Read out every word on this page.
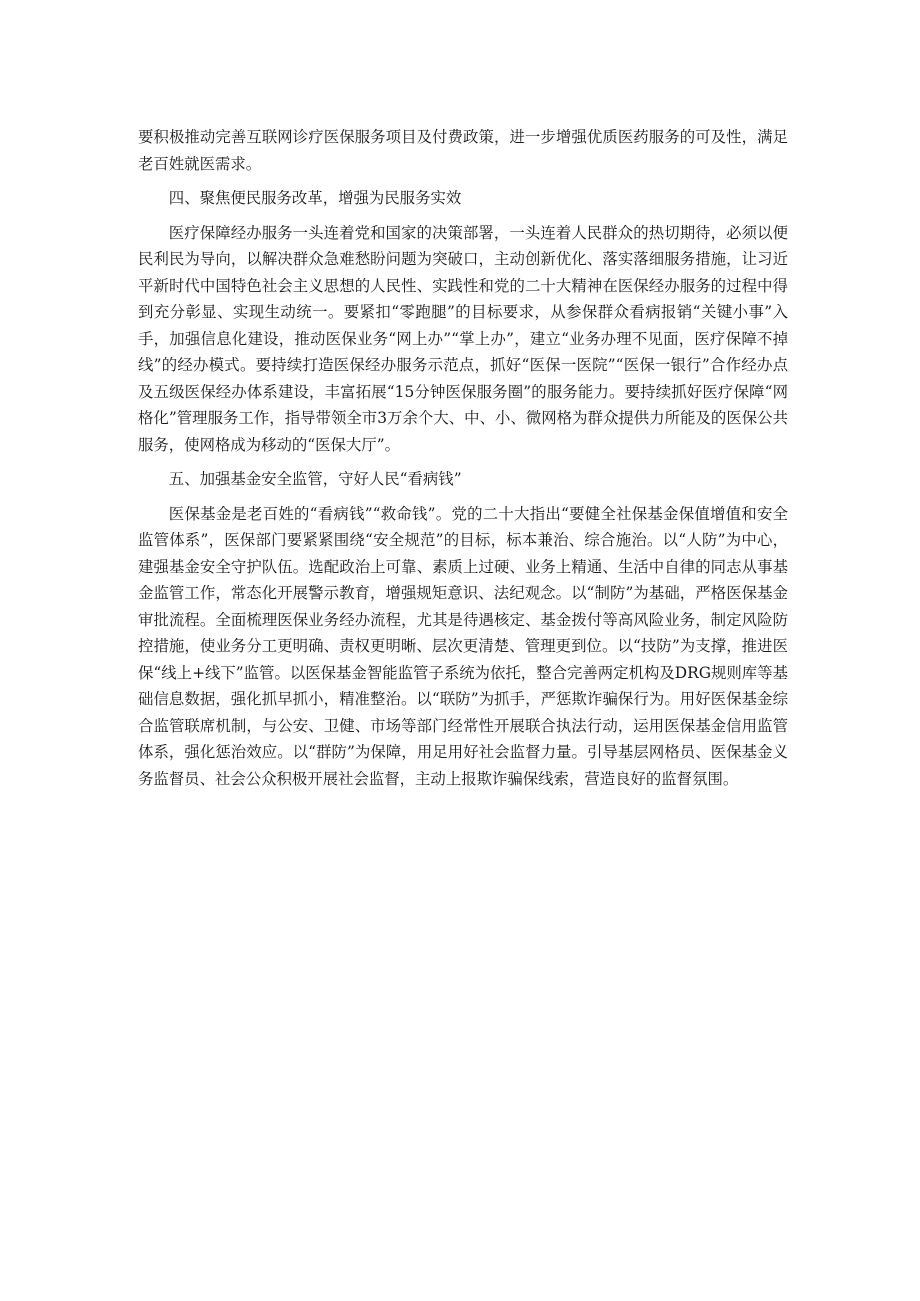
要积极推动完善互联网诊疗医保服务项目及付费政策，进一步增强优质医药服务的可及性，满足老百姓就医需求。

四、聚焦便民服务改革，增强为民服务实效

医疗保障经办服务一头连着党和国家的决策部署，一头连着人民群众的热切期待，必须以便民利民为导向，以解决群众急难愁盼问题为突破口，主动创新优化、落实落细服务措施，让习近平新时代中国特色社会主义思想的人民性、实践性和党的二十大精神在医保经办服务的过程中得到充分彰显、实现生动统一。要紧扣“零跑腿”的目标要求，从参保群众看病报销“关键小事”入手，加强信息化建设，推动医保业务“网上办”“掌上办”，建立“业务办理不见面，医疗保障不掉线”的经办模式。要持续打造医保经办服务示范点，抓好“医保一医院”“医保一银行”合作经办点及五级医保经办体系建设，丰富拓展“15分钟医保服务圈”的服务能力。要持续抓好医疗保障“网格化”管理服务工作，指导带领全市3万余个大、中、小、微网格为群众提供力所能及的医保公共服务，使网格成为移动的“医保大厅”。

五、加强基金安全监管，守好人民“看病钱”

医保基金是老百姓的“看病钱”“救命钱”。党的二十大指出“要健全社保基金保值增值和安全监管体系”，医保部门要紧紧围绕“安全规范”的目标，标本兼治、综合施治。以“人防”为中心，建强基金安全守护队伍。选配政治上可靠、素质上过硬、业务上精通、生活中自律的同志从事基金监管工作，常态化开展警示教育，增强规矩意识、法纪观念。以“制防”为基础，严格医保基金审批流程。全面梳理医保业务经办流程，尤其是待遇核定、基金拨付等高风险业务，制定风险防控措施，使业务分工更明确、责权更明晰、层次更清楚、管理更到位。以“技防”为支撑，推进医保“线上+线下”监管。以医保基金智能监管子系统为依托，整合完善两定机构及DRG规则库等基础信息数据，强化抓早抓小，精准整治。以“联防”为抓手，严惩欺诈骗保行为。用好医保基金综合监管联席机制，与公安、卫健、市场等部门经常性开展联合执法行动，运用医保基金信用监管体系，强化惩治效应。以“群防”为保障，用足用好社会监督力量。引导基层网格员、医保基金义务监督员、社会公众积极开展社会监督，主动上报欺诈骗保线索，营造良好的监督氛围。
